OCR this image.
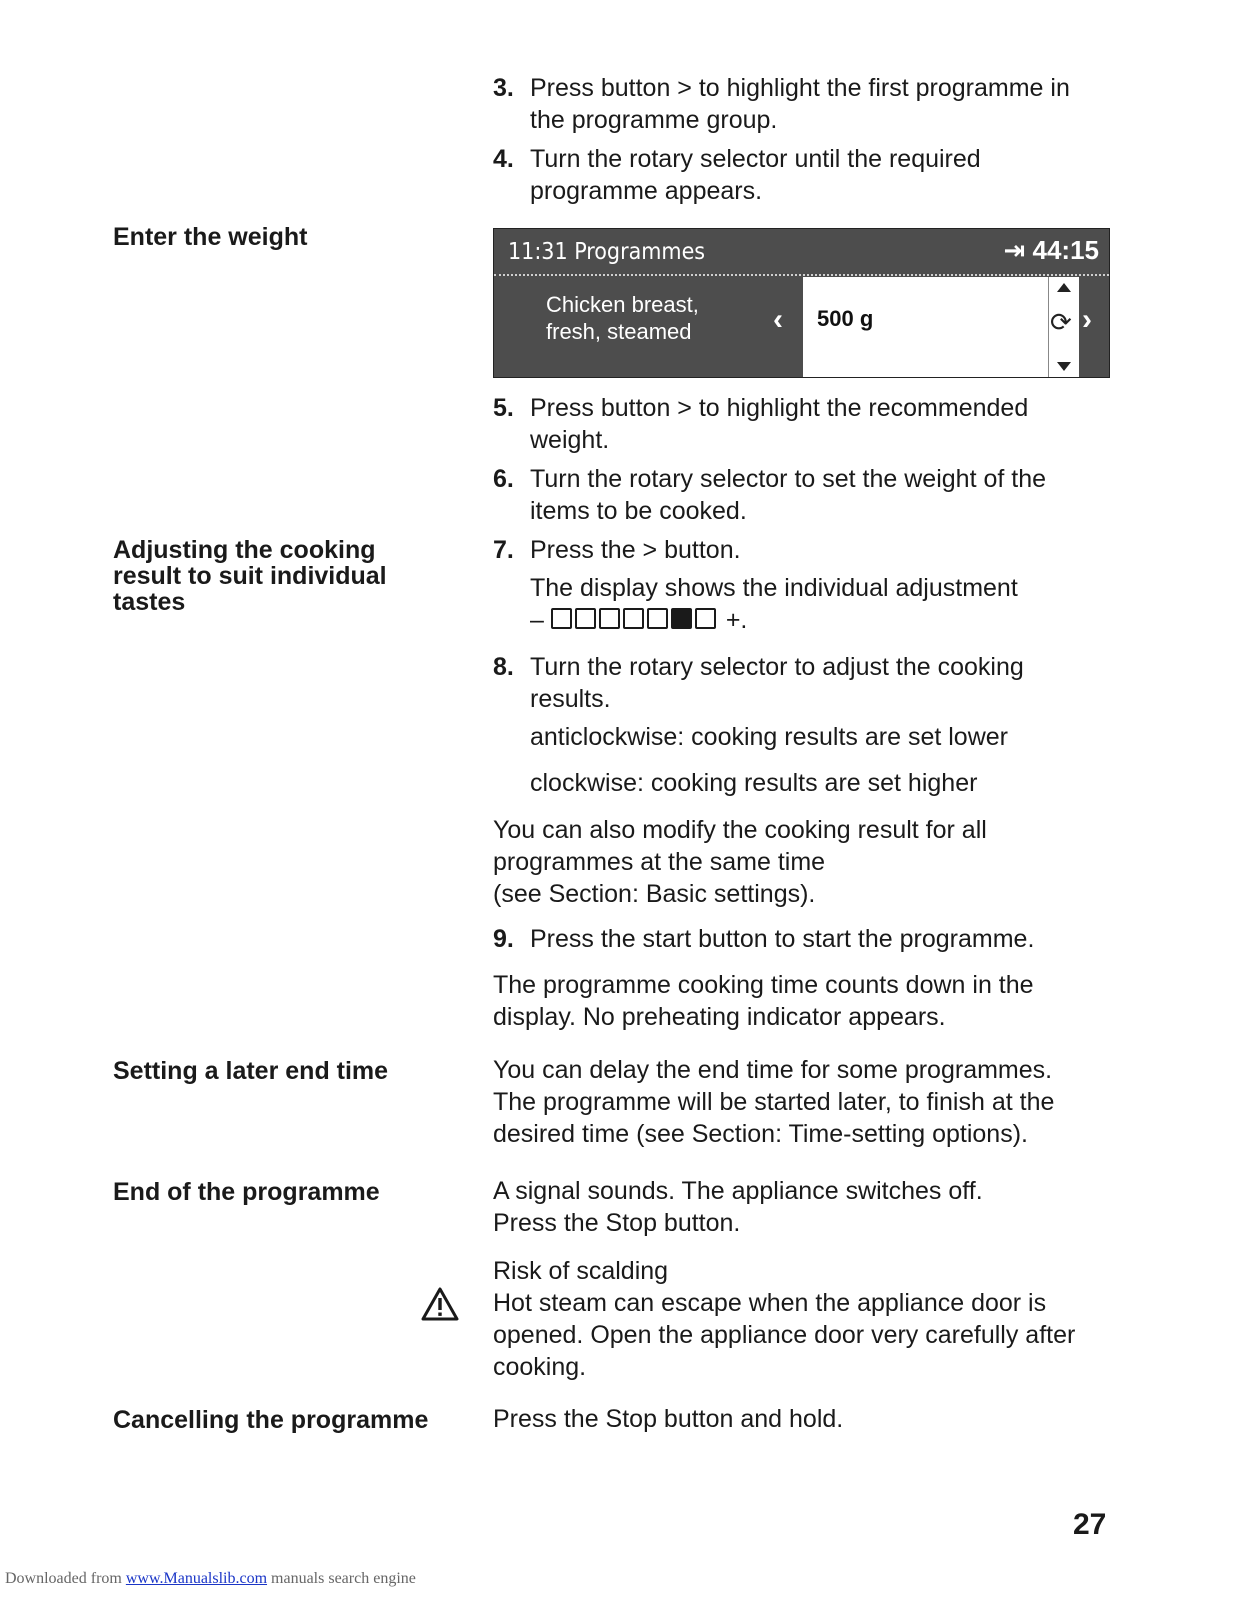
3. Press button > to highlight the first programme in
the programme group.
4. Turn the rotary selector until the required
programme appears.
Enter the weight
11:31 Programmes	⇥ 44:15
Chicken breast,
fresh, steamed	‹ 500 g	⟳ ›
5. Press button > to highlight the recommended
weight.
6. Turn the rotary selector to set the weight of the
items to be cooked.
Adjusting the cooking
result to suit individual
tastes
7. Press the > button.
The display shows the individual adjustment
–	+.
8. Turn the rotary selector to adjust the cooking
results.
anticlockwise: cooking results are set lower
clockwise: cooking results are set higher
You can also modify the cooking result for all
programmes at the same time
(see Section: Basic settings).
9. Press the start button to start the programme.
The programme cooking time counts down in the
display. No preheating indicator appears.
Setting a later end time	You can delay the end time for some programmes.
The programme will be started later, to finish at the
desired time (see Section: Time-setting options).
End of the programme	A signal sounds. The appliance switches off.
Press the Stop button.
Risk of scalding
Hot steam can escape when the appliance door is
opened. Open the appliance door very carefully after
cooking.
Cancelling the programme	Press the Stop button and hold.
27
Downloaded from www.Manualslib.com manuals search engine
